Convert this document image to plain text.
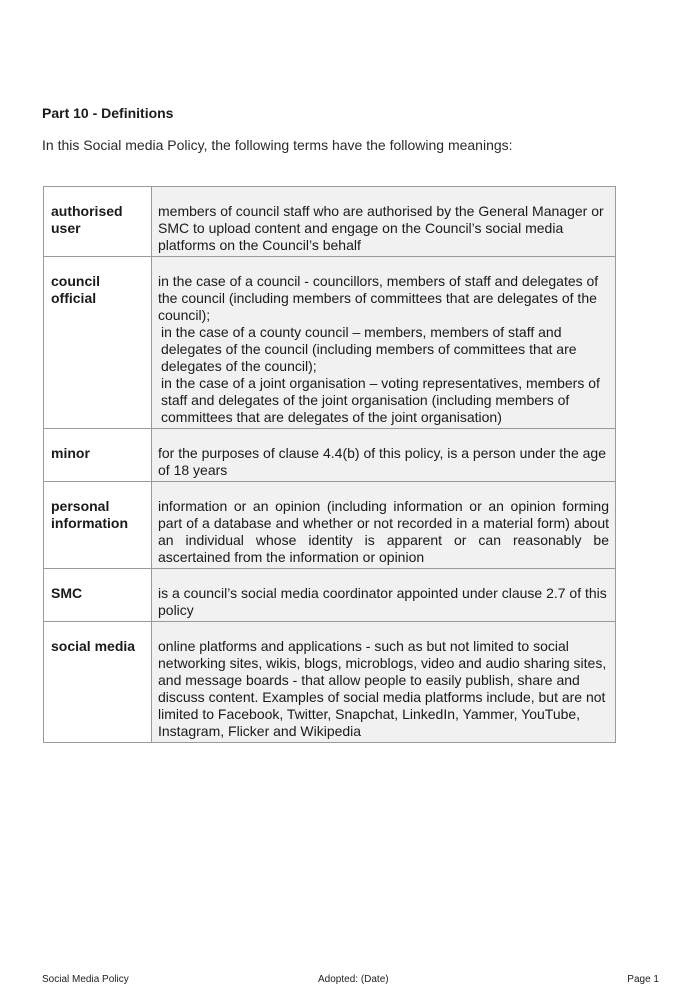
Part 10 - Definitions

In this Social media Policy, the following terms have the following meanings:

authorised user	members of council staff who are authorised by the General Manager or SMC to upload content and engage on the Council’s social media platforms on the Council’s behalf

council official	in the case of a council - councillors, members of staff and delegates of the council (including members of committees that are delegates of the council);
in the case of a county council – members, members of staff and delegates of the council (including members of committees that are delegates of the council);
in the case of a joint organisation – voting representatives, members of staff and delegates of the joint organisation (including members of committees that are delegates of the joint organisation)

minor	for the purposes of clause 4.4(b) of this policy, is a person under the age of 18 years

personal information	information or an opinion (including information or an opinion forming part of a database and whether or not recorded in a material form) about an individual whose identity is apparent or can reasonably be ascertained from the information or opinion

SMC	is a council’s social media coordinator appointed under clause 2.7 of this policy

social media	online platforms and applications - such as but not limited to social networking sites, wikis, blogs, microblogs, video and audio sharing sites, and message boards - that allow people to easily publish, share and discuss content. Examples of social media platforms include, but are not limited to Facebook, Twitter, Snapchat, LinkedIn, Yammer, YouTube, Instagram, Flicker and Wikipedia
Social Media Policy	Adopted: (Date)	Page 1
